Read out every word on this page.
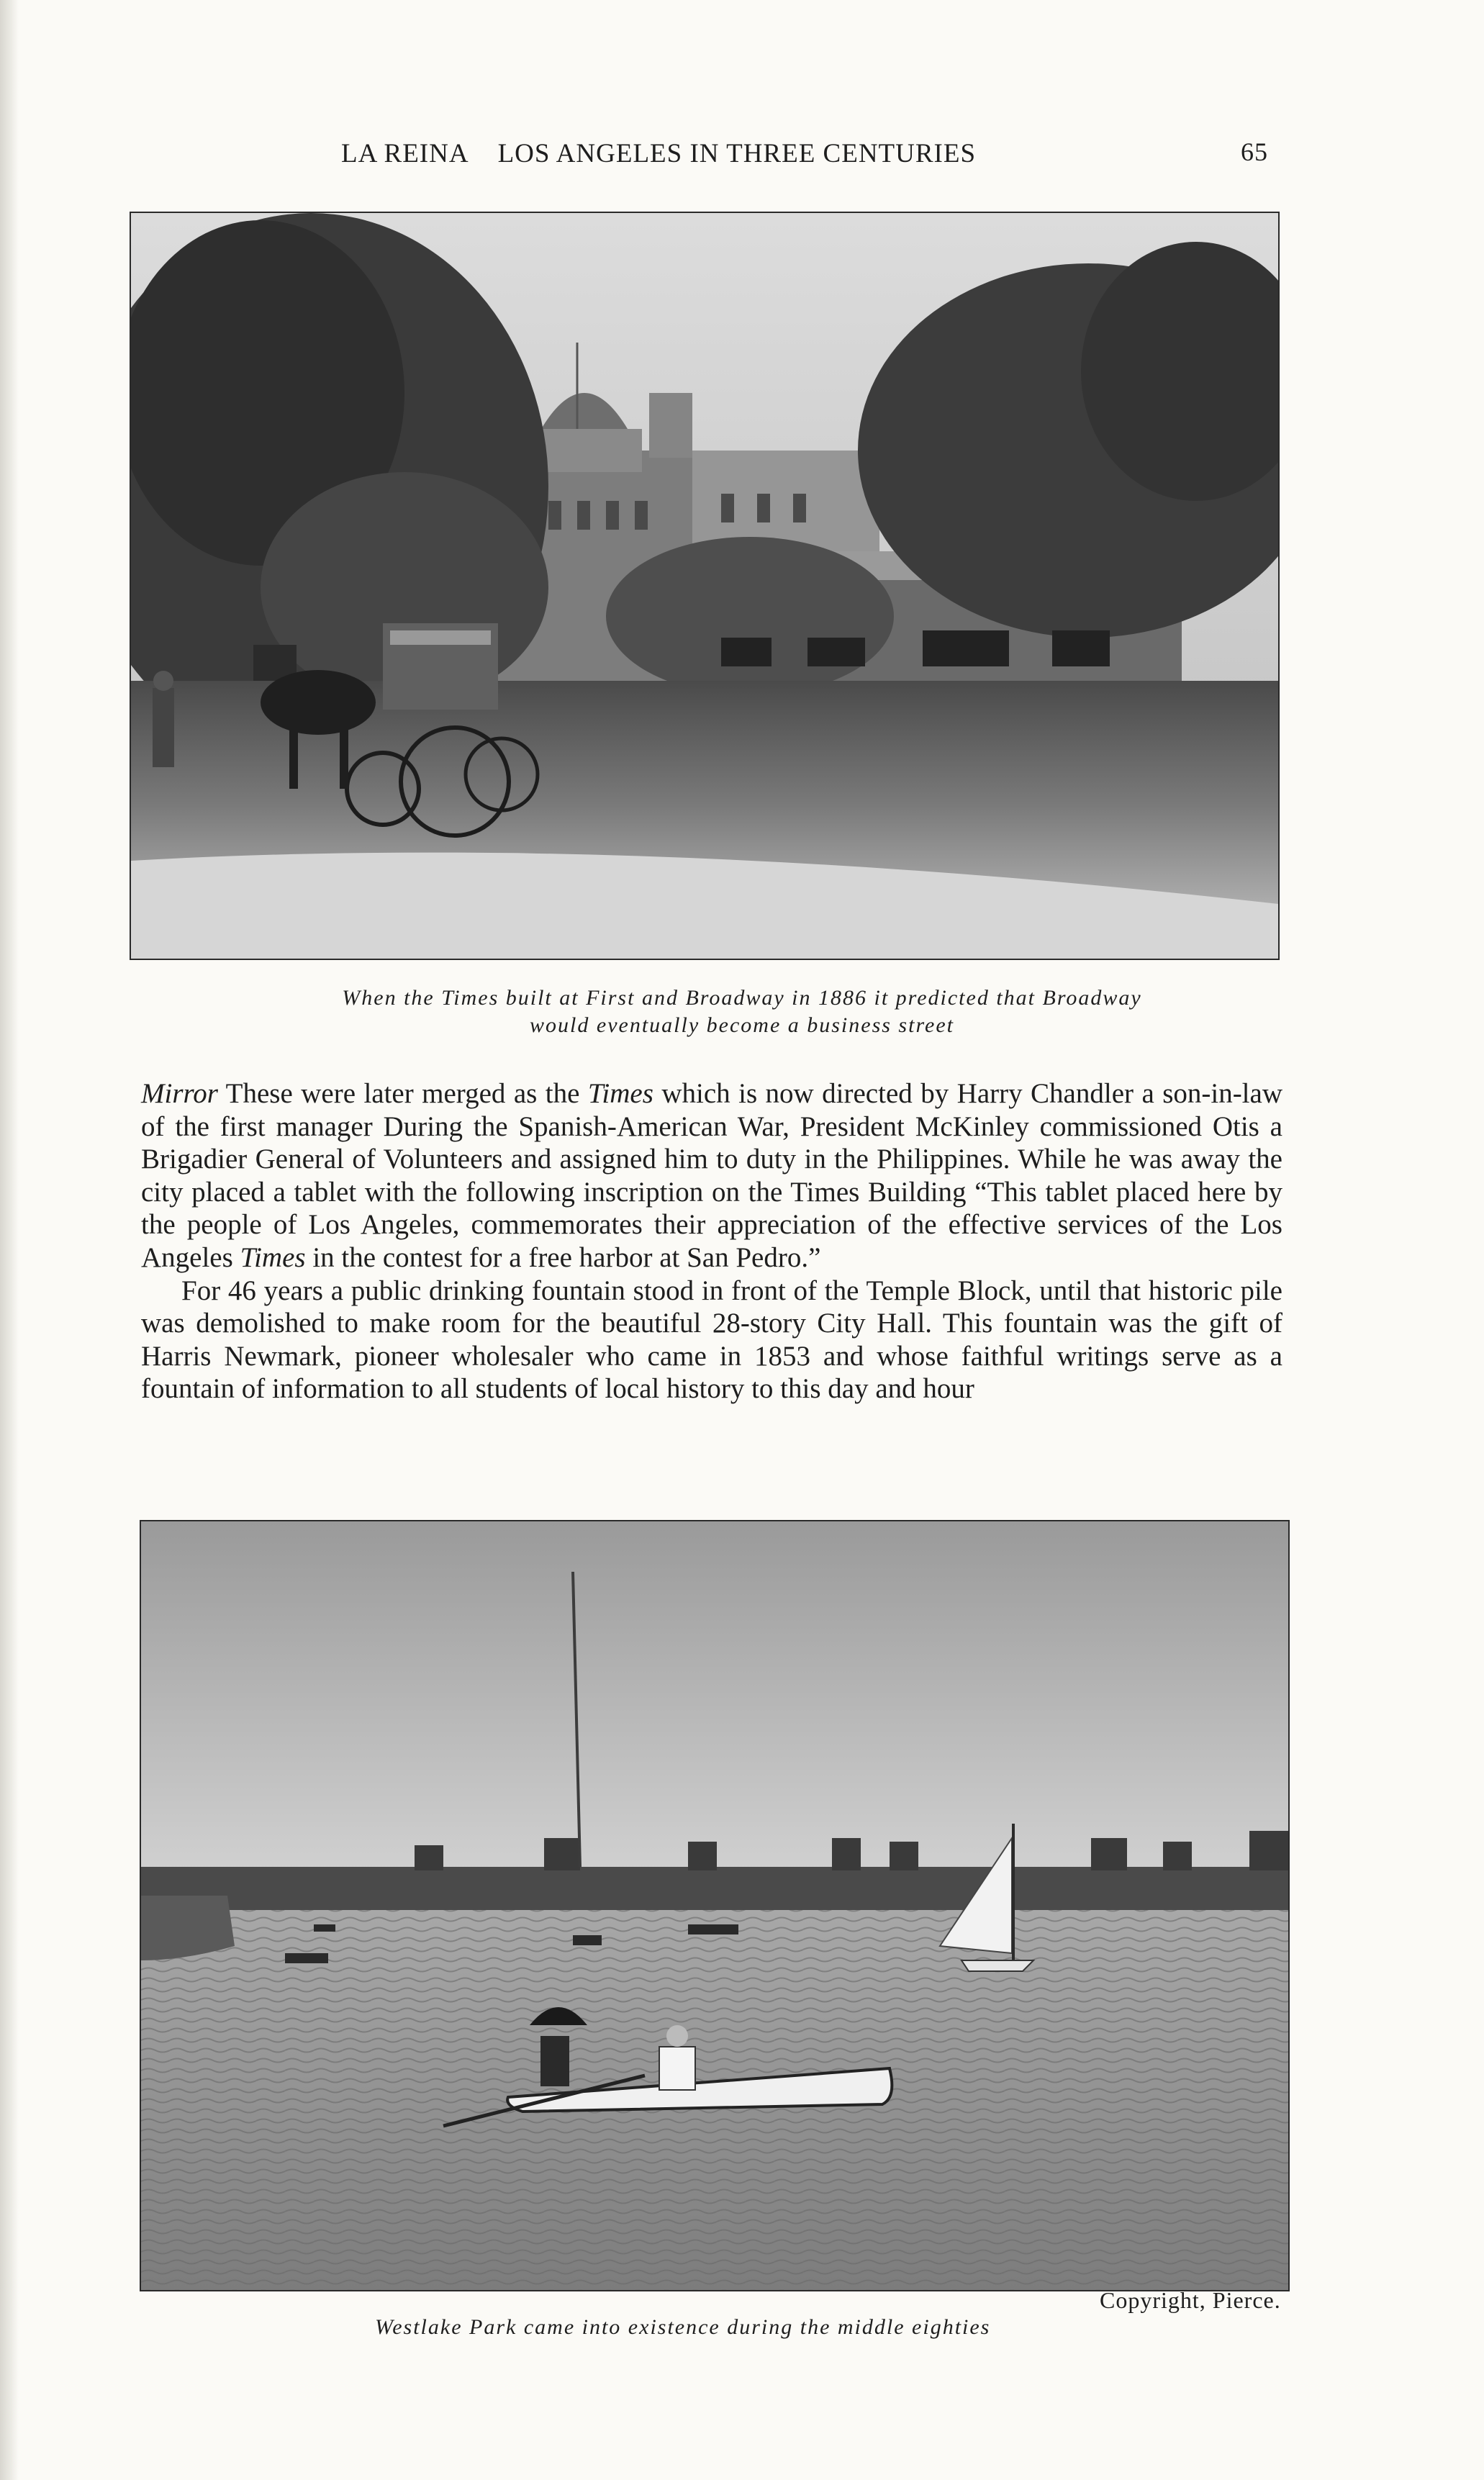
LA REINA LOS ANGELES IN THREE CENTURIES	65
When the Times built at First and Broadway in 1886 it predicted that Broadway
would eventually become a business street

Mirror These were later merged as the Times which is now directed by Harry Chandler a son-in-law of the first manager During the Spanish-American War, President McKinley commissioned Otis a Brigadier General of Volunteers and assigned him to duty in the Philippines. While he was away the city placed a tablet with the following inscription on the Times Building “This tablet placed here by the people of Los Angeles, commemorates their appreciation of the effective services of the Los Angeles Times in the contest for a free harbor at San Pedro.”

For 46 years a public drinking fountain stood in front of the Temple Block, until that historic pile was demolished to make room for the beautiful 28-story City Hall. This fountain was the gift of Harris Newmark, pioneer wholesaler who came in 1853 and whose faithful writings serve as a fountain of information to all students of local history to this day and hour

Copyright, Pierce.
Westlake Park came into existence during the middle eighties
